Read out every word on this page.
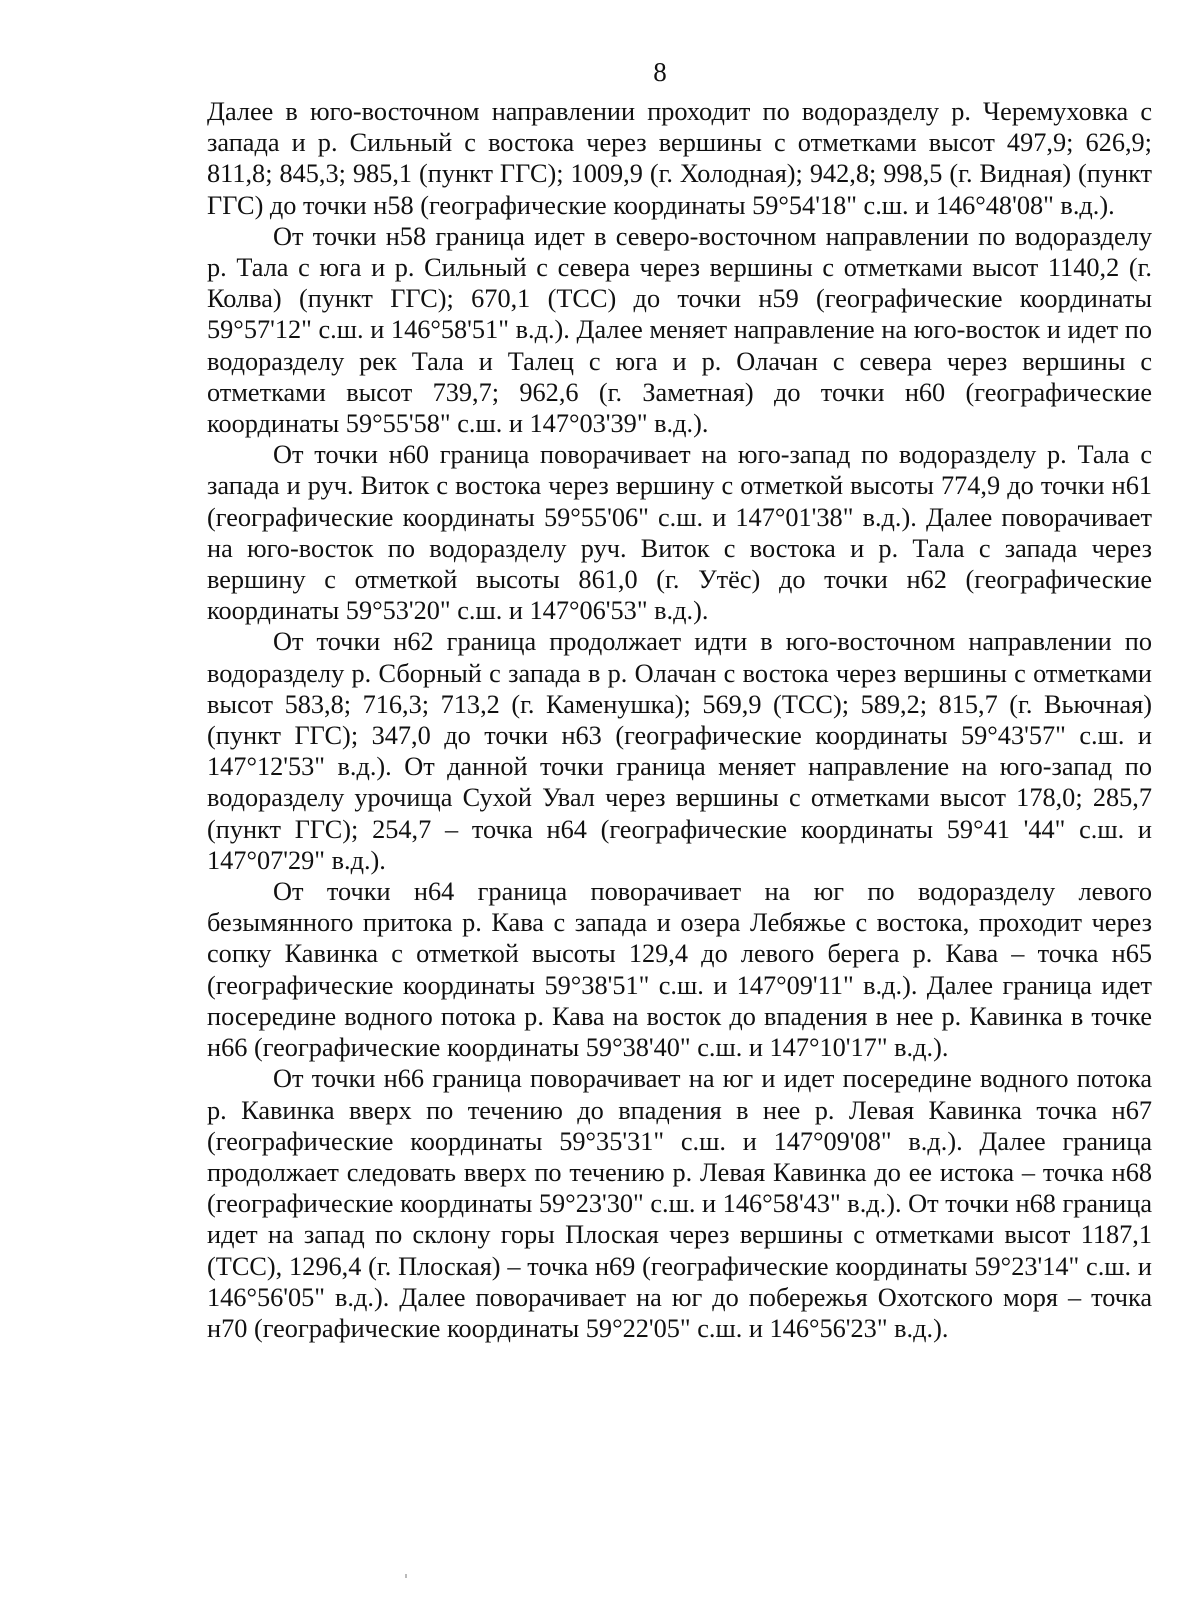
8

Далее в юго-восточном направлении проходит по водоразделу р. Черемуховка с запада и р. Сильный с востока через вершины с отметками высот 497,9; 626,9; 811,8; 845,3; 985,1 (пункт ГГС); 1009,9 (г. Холодная); 942,8; 998,5 (г. Видная) (пункт ГГС) до точки н58 (географические координаты 59°54'18" с.ш. и 146°48'08" в.д.).

От точки н58 граница идет в северо-восточном направлении по водоразделу р. Тала с юга и р. Сильный с севера через вершины с отметками высот 1140,2 (г. Колва) (пункт ГГС); 670,1 (ТСС) до точки н59 (географические координаты 59°57'12" с.ш. и 146°58'51" в.д.). Далее меняет направление на юго-восток и идет по водоразделу рек Тала и Талец с юга и р. Олачан с севера через вершины с отметками высот 739,7; 962,6 (г. Заметная) до точки н60 (географические координаты 59°55'58" с.ш. и 147°03'39" в.д.).

От точки н60 граница поворачивает на юго-запад по водоразделу р. Тала с запада и руч. Виток с востока через вершину с отметкой высоты 774,9 до точки н61 (географические координаты 59°55'06" с.ш. и 147°01'38" в.д.). Далее поворачивает на юго-восток по водоразделу руч. Виток с востока и р. Тала с запада через вершину с отметкой высоты 861,0 (г. Утёс) до точки н62 (географические координаты 59°53'20" с.ш. и 147°06'53" в.д.).

От точки н62 граница продолжает идти в юго-восточном направлении по водоразделу р. Сборный с запада в р. Олачан с востока через вершины с отметками высот 583,8; 716,3; 713,2 (г. Каменушка); 569,9 (ТСС); 589,2; 815,7 (г. Вьючная) (пункт ГГС); 347,0 до точки н63 (географические координаты 59°43'57" с.ш. и 147°12'53" в.д.). От данной точки граница меняет направление на юго-запад по водоразделу урочища Сухой Увал через вершины с отметками высот 178,0; 285,7 (пункт ГГС); 254,7 – точка н64 (географические координаты 59°41 '44" с.ш. и 147°07'29" в.д.).

От точки н64 граница поворачивает на юг по водоразделу левого безымянного притока р. Кава с запада и озера Лебяжье с востока, проходит через сопку Кавинка с отметкой высоты 129,4 до левого берега р. Кава – точка н65 (географические координаты 59°38'51" с.ш. и 147°09'11" в.д.). Далее граница идет посередине водного потока р. Кава на восток до впадения в нее р. Кавинка в точке н66 (географические координаты 59°38'40" с.ш. и 147°10'17" в.д.).

От точки н66 граница поворачивает на юг и идет посередине водного потока р. Кавинка вверх по течению до впадения в нее р. Левая Кавинка точка н67 (географические координаты 59°35'31" с.ш. и 147°09'08" в.д.). Далее граница продолжает следовать вверх по течению р. Левая Кавинка до ее истока – точка н68 (географические координаты 59°23'30" с.ш. и 146°58'43" в.д.). От точки н68 граница идет на запад по склону горы Плоская через вершины с отметками высот 1187,1 (ТСС), 1296,4 (г. Плоская) – точка н69 (географические координаты 59°23'14" с.ш. и 146°56'05" в.д.). Далее поворачивает на юг до побережья Охотского моря – точка н70 (географические координаты 59°22'05" с.ш. и 146°56'23" в.д.).
